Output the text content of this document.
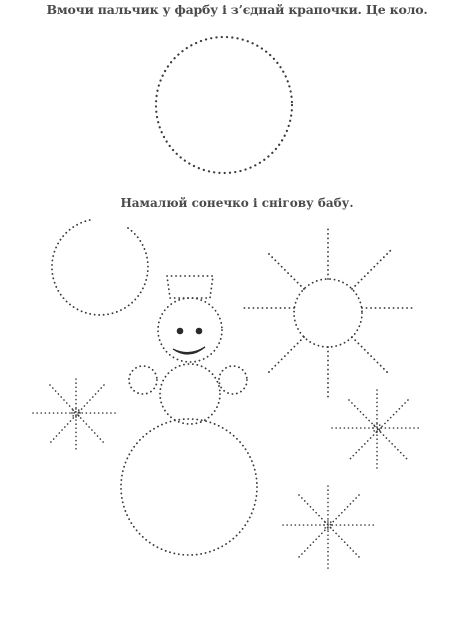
Вмочи пальчик у фарбу і з’єднай крапочки. Це коло.
Намалюй сонечко і снігову бабу.
